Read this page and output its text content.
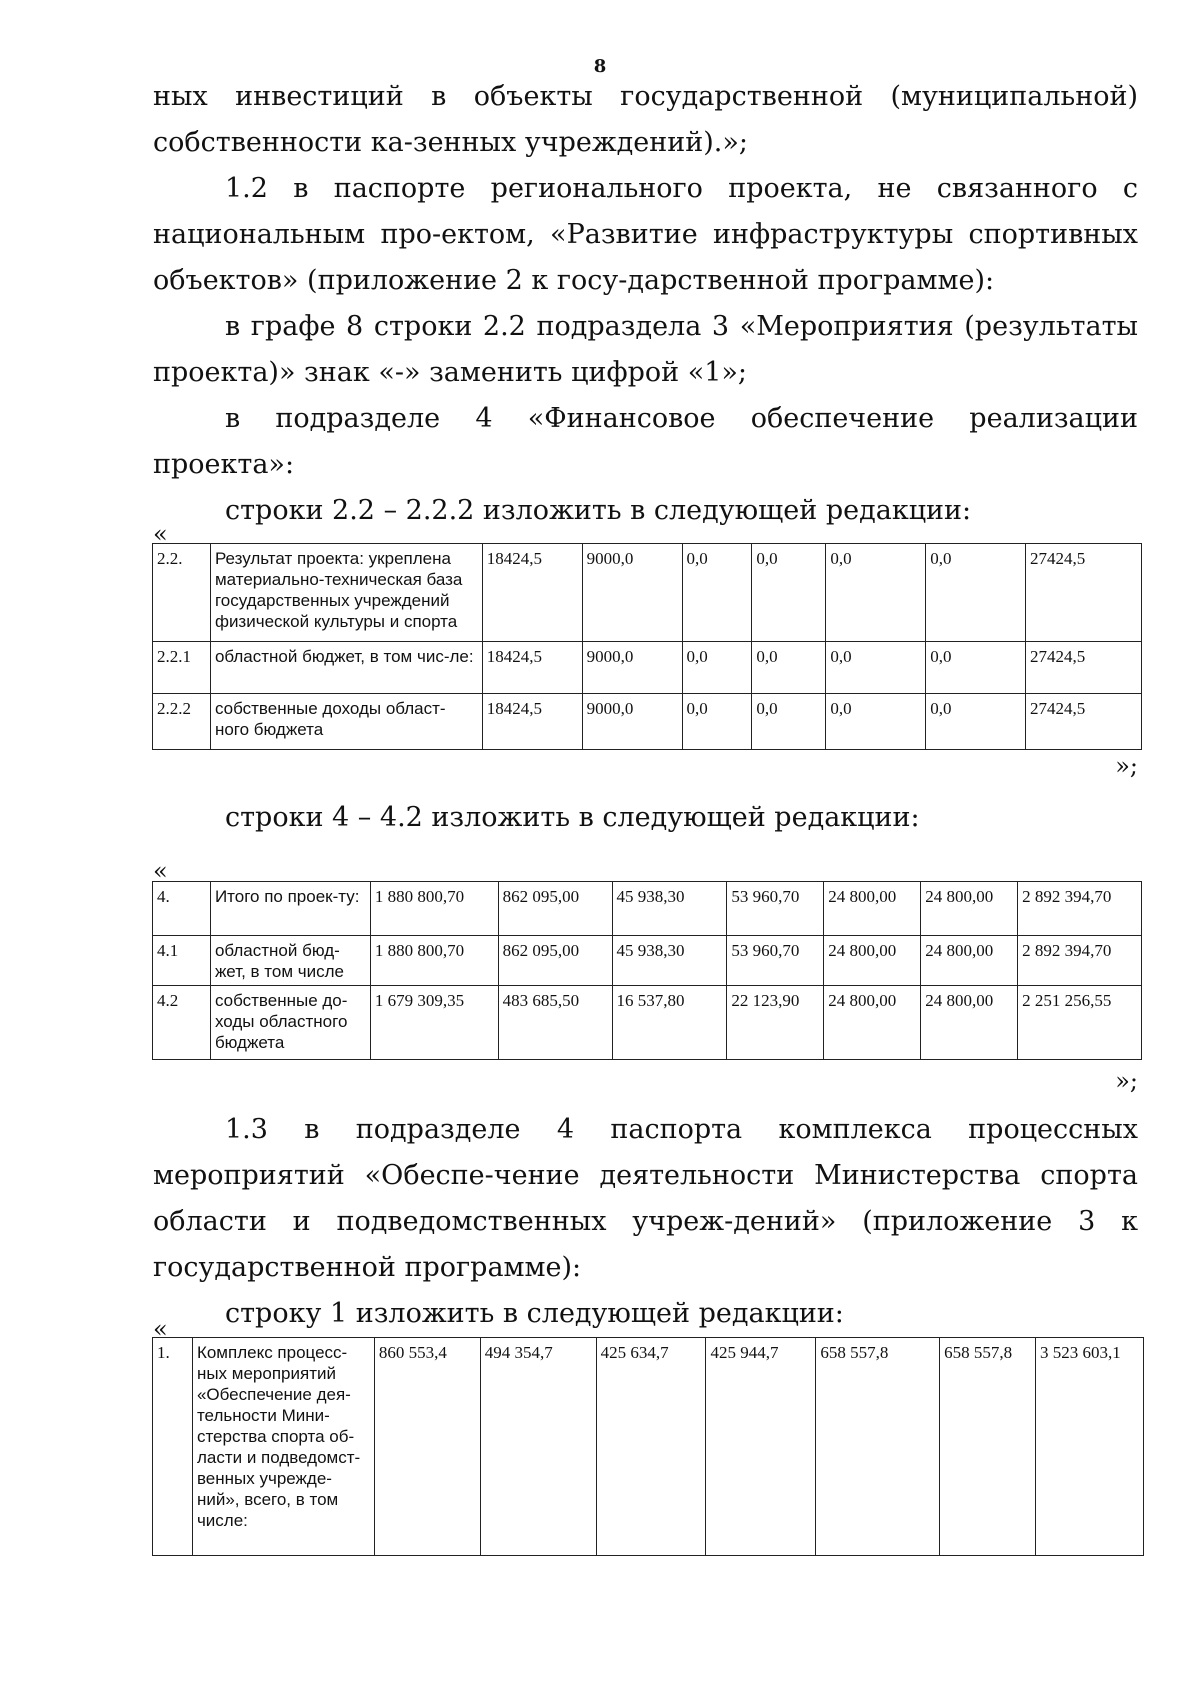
8

ных инвестиций в объекты государственной (муниципальной) собственности ка-зенных учреждений).»;

1.2 в паспорте регионального проекта, не связанного с национальным про-ектом, «Развитие инфраструктуры спортивных объектов» (приложение 2 к госу-дарственной программе):

в графе 8 строки 2.2 подраздела 3 «Мероприятия (результаты проекта)» знак «-» заменить цифрой «1»;

в подразделе 4 «Финансовое обеспечение реализации проекта»:

строки 2.2 – 2.2.2 изложить в следующей редакции:

«
2.2.	Результат проекта: укреплена материально-техническая база государственных учреждений физической культуры и спорта	18424,5	9000,0	0,0	0,0	0,0	0,0	27424,5
2.2.1	областной бюджет, в том чис-ле:	18424,5	9000,0	0,0	0,0	0,0	0,0	27424,5
2.2.2	собственные доходы област-ного бюджета	18424,5	9000,0	0,0	0,0	0,0	0,0	27424,5
»;

строки 4 – 4.2 изложить в следующей редакции:

«
4.	Итого по проек-ту:	1 880 800,70	862 095,00	45 938,30	53 960,70	24 800,00	24 800,00	2 892 394,70
4.1	областной бюд-жет, в том числе	1 880 800,70	862 095,00	45 938,30	53 960,70	24 800,00	24 800,00	2 892 394,70
4.2	собственные до-ходы областного бюджета	1 679 309,35	483 685,50	16 537,80	22 123,90	24 800,00	24 800,00	2 251 256,55
»;

1.3 в подразделе 4 паспорта комплекса процессных мероприятий «Обеспе-чение деятельности Министерства спорта области и подведомственных учреж-дений» (приложение 3 к государственной программе):

строку 1 изложить в следующей редакции:

«
1.	Комплекс процесс-ных мероприятий «Обеспечение дея-тельности Мини-стерства спорта об-ласти и подведомст-венных учрежде-ний», всего, в том числе:	860 553,4	494 354,7	425 634,7	425 944,7	658 557,8	658 557,8	3 523 603,1
